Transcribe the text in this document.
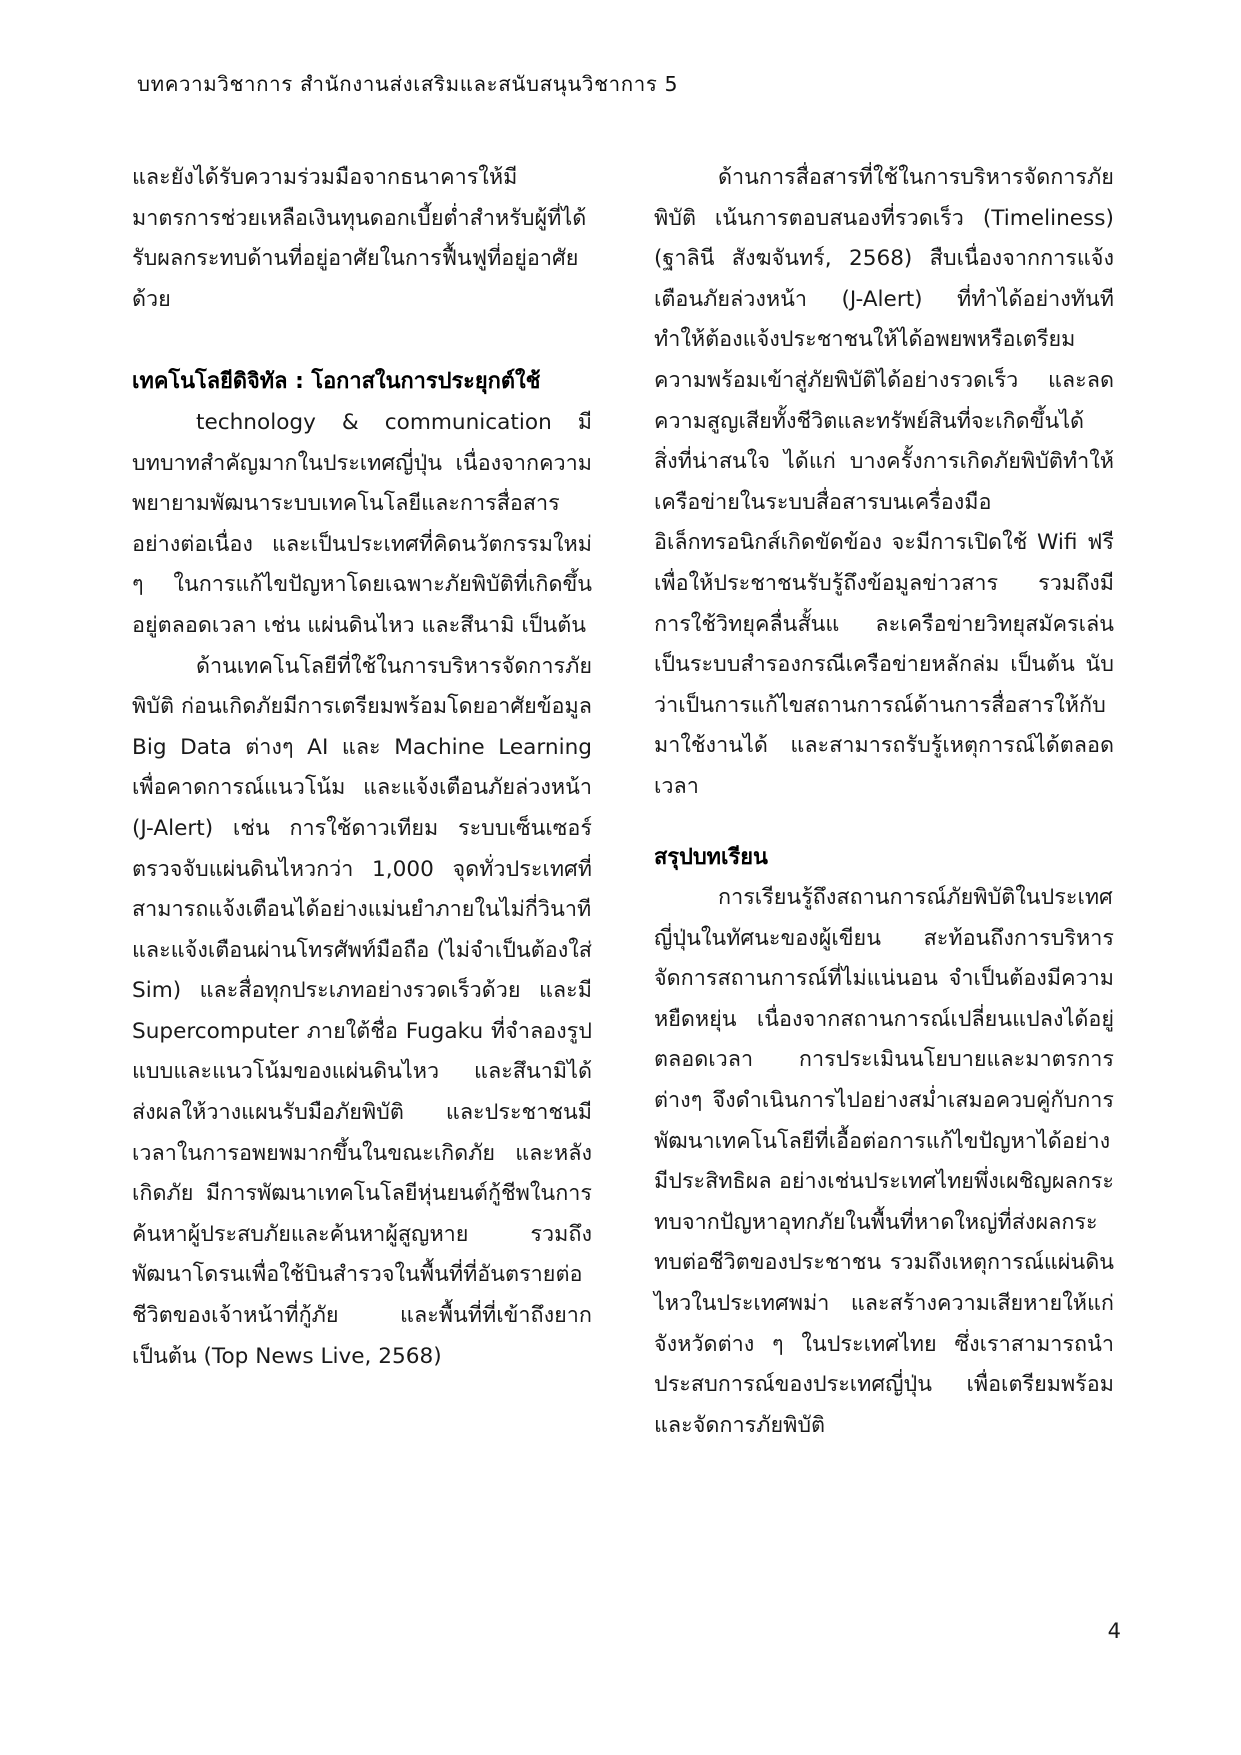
บทความวิชาการ สำนักงานส่งเสริมและสนับสนุนวิชาการ 5

และยังได้รับความร่วมมือจากธนาคารให้มีมาตรการช่วยเหลือเงินทุนดอกเบี้ยต่ำสำหรับผู้ที่ได้รับผลกระทบด้านที่อยู่อาศัยในการฟื้นฟูที่อยู่อาศัยด้วย

เทคโนโลยีดิจิทัล : โอกาสในการประยุกต์ใช้

technology & communication มีบทบาทสำคัญมากในประเทศญี่ปุ่น เนื่องจากความพยายามพัฒนาระบบเทคโนโลยีและการสื่อสารอย่างต่อเนื่อง และเป็นประเทศที่คิดนวัตกรรมใหม่ ๆ ในการแก้ไขปัญหาโดยเฉพาะภัยพิบัติที่เกิดขึ้นอยู่ตลอดเวลา เช่น แผ่นดินไหว และสึนามิ เป็นต้น

ด้านเทคโนโลยีที่ใช้ในการบริหารจัดการภัยพิบัติ ก่อนเกิดภัยมีการเตรียมพร้อมโดยอาศัยข้อมูล Big Data ต่างๆ AI และ Machine Learning เพื่อคาดการณ์แนวโน้ม และแจ้งเตือนภัยล่วงหน้า (J-Alert) เช่น การใช้ดาวเทียม ระบบเซ็นเซอร์ตรวจจับแผ่นดินไหวกว่า 1,000 จุดทั่วประเทศที่สามารถแจ้งเตือนได้อย่างแม่นยำภายในไม่กี่วินาที และแจ้งเตือนผ่านโทรศัพท์มือถือ (ไม่จำเป็นต้องใส่ Sim) และสื่อทุกประเภทอย่างรวดเร็วด้วย และมี Supercomputer ภายใต้ชื่อ Fugaku ที่จำลองรูปแบบและแนวโน้มของแผ่นดินไหว และสึนามิได้ ส่งผลให้วางแผนรับมือภัยพิบัติ และประชาชนมีเวลาในการอพยพมากขึ้นในขณะเกิดภัย และหลังเกิดภัย มีการพัฒนาเทคโนโลยีหุ่นยนต์กู้ชีพในการค้นหาผู้ประสบภัยและค้นหาผู้สูญหาย รวมถึงพัฒนาโดรนเพื่อใช้บินสำรวจในพื้นที่ที่อันตรายต่อชีวิตของเจ้าหน้าที่กู้ภัย และพื้นที่ที่เข้าถึงยาก เป็นต้น (Top News Live, 2568)

ด้านการสื่อสารที่ใช้ในการบริหารจัดการภัยพิบัติ เน้นการตอบสนองที่รวดเร็ว (Timeliness) (ฐาลินี สังฆจันทร์, 2568) สืบเนื่องจากการแจ้งเตือนภัยล่วงหน้า (J-Alert) ที่ทำได้อย่างทันที ทำให้ต้องแจ้งประชาชนให้ได้อพยพหรือเตรียมความพร้อมเข้าสู่ภัยพิบัติได้อย่างรวดเร็ว และลดความสูญเสียทั้งชีวิตและทรัพย์สินที่จะเกิดขึ้นได้ สิ่งที่น่าสนใจ ได้แก่ บางครั้งการเกิดภัยพิบัติทำให้ เครือข่ายในระบบสื่อสารบนเครื่องมืออิเล็กทรอนิกส์เกิดขัดข้อง จะมีการเปิดใช้ Wifi ฟรี เพื่อให้ประชาชนรับรู้ถึงข้อมูลข่าวสาร รวมถึงมีการใช้วิทยุคลื่นสั้นแ ละเครือข่ายวิทยุสมัครเล่น เป็นระบบสำรองกรณีเครือข่ายหลักล่ม เป็นต้น นับว่าเป็นการแก้ไขสถานการณ์ด้านการสื่อสารให้กับมาใช้งานได้ และสามารถรับรู้เหตุการณ์ได้ตลอดเวลา

สรุปบทเรียน

การเรียนรู้ถึงสถานการณ์ภัยพิบัติในประเทศญี่ปุ่นในทัศนะของผู้เขียน สะท้อนถึงการบริหารจัดการสถานการณ์ที่ไม่แน่นอน จำเป็นต้องมีความหยืดหยุ่น เนื่องจากสถานการณ์เปลี่ยนแปลงได้อยู่ตลอดเวลา การประเมินนโยบายและมาตรการต่างๆ จึงดำเนินการไปอย่างสม่ำเสมอควบคู่กับการพัฒนาเทคโนโลยีที่เอื้อต่อการแก้ไขปัญหาได้อย่างมีประสิทธิผล อย่างเช่นประเทศไทยพึ่งเผชิญผลกระทบจากปัญหาอุทกภัยในพื้นที่หาดใหญ่ที่ส่งผลกระทบต่อชีวิตของประชาชน รวมถึงเหตุการณ์แผ่นดินไหวในประเทศพม่า และสร้างความเสียหายให้แก่จังหวัดต่าง ๆ ในประเทศไทย ซึ่งเราสามารถนำประสบการณ์ของประเทศญี่ปุ่น เพื่อเตรียมพร้อมและจัดการภัยพิบัติ

4
